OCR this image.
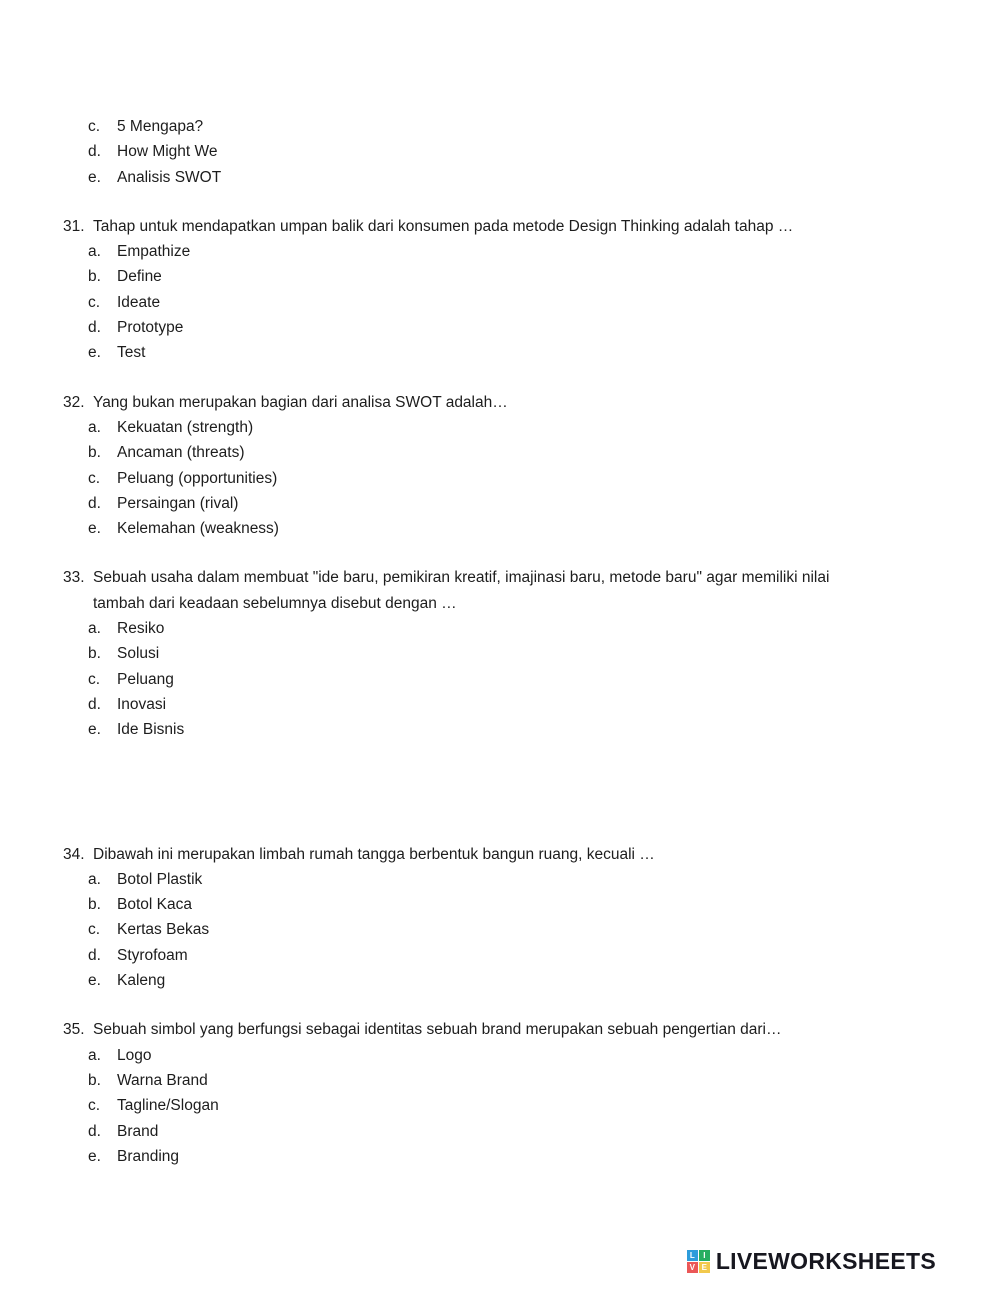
c.	5 Mengapa?
d.	How Might We
e.	Analisis SWOT
31. Tahap untuk mendapatkan umpan balik dari konsumen pada metode Design Thinking adalah tahap …
a.	Empathize
b.	Define
c.	Ideate
d.	Prototype
e.	Test
32. Yang bukan merupakan bagian dari analisa SWOT adalah…
a.	Kekuatan (strength)
b.	Ancaman (threats)
c.	Peluang (opportunities)
d.	Persaingan (rival)
e.	Kelemahan (weakness)
33. Sebuah usaha dalam membuat "ide baru, pemikiran kreatif, imajinasi baru, metode baru" agar memiliki nilai tambah dari keadaan sebelumnya disebut dengan …
a.	Resiko
b.	Solusi
c.	Peluang
d.	Inovasi
e.	Ide Bisnis
34. Dibawah ini merupakan limbah rumah tangga berbentuk bangun ruang, kecuali …
a.	Botol Plastik
b.	Botol Kaca
c.	Kertas Bekas
d.	Styrofoam
e.	Kaleng
35. Sebuah simbol yang berfungsi sebagai identitas sebuah brand merupakan sebuah pengertian dari…
a.	Logo
b.	Warna Brand
c.	Tagline/Slogan
d.	Brand
e.	Branding
L	I
V E LIVEWORKSHEETS
